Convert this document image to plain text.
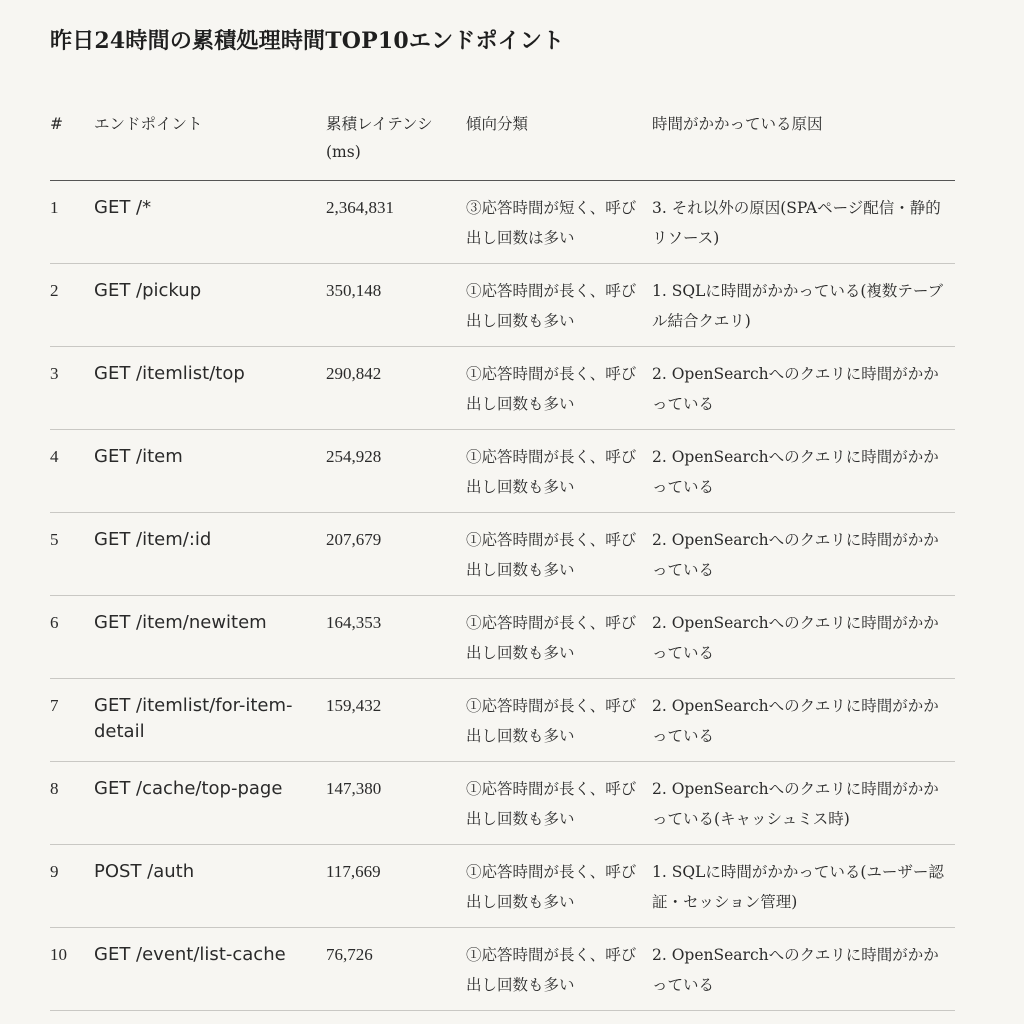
昨日24時間の累積処理時間TOP10エンドポイント
#	エンドポイント	累積レイテンシ(ms)	傾向分類	時間がかかっている原因
1	GET /*	2,364,831	③応答時間が短く、呼び出し回数は多い	3. それ以外の原因(SPAページ配信・静的リソース)
2	GET /pickup	350,148	①応答時間が長く、呼び出し回数も多い	1. SQLに時間がかかっている(複数テーブル結合クエリ)
3	GET /itemlist/top	290,842	①応答時間が長く、呼び出し回数も多い	2. OpenSearchへのクエリに時間がかかっている
4	GET /item	254,928	①応答時間が長く、呼び出し回数も多い	2. OpenSearchへのクエリに時間がかかっている
5	GET /item/:id	207,679	①応答時間が長く、呼び出し回数も多い	2. OpenSearchへのクエリに時間がかかっている
6	GET /item/newitem	164,353	①応答時間が長く、呼び出し回数も多い	2. OpenSearchへのクエリに時間がかかっている
7	GET /itemlist/for-item-detail	159,432	①応答時間が長く、呼び出し回数も多い	2. OpenSearchへのクエリに時間がかかっている
8	GET /cache/top-page	147,380	①応答時間が長く、呼び出し回数も多い	2. OpenSearchへのクエリに時間がかかっている(キャッシュミス時)
9	POST /auth	117,669	①応答時間が長く、呼び出し回数も多い	1. SQLに時間がかかっている(ユーザー認証・セッション管理)
10	GET /event/list-cache	76,726	①応答時間が長く、呼び出し回数も多い	2. OpenSearchへのクエリに時間がかかっている
